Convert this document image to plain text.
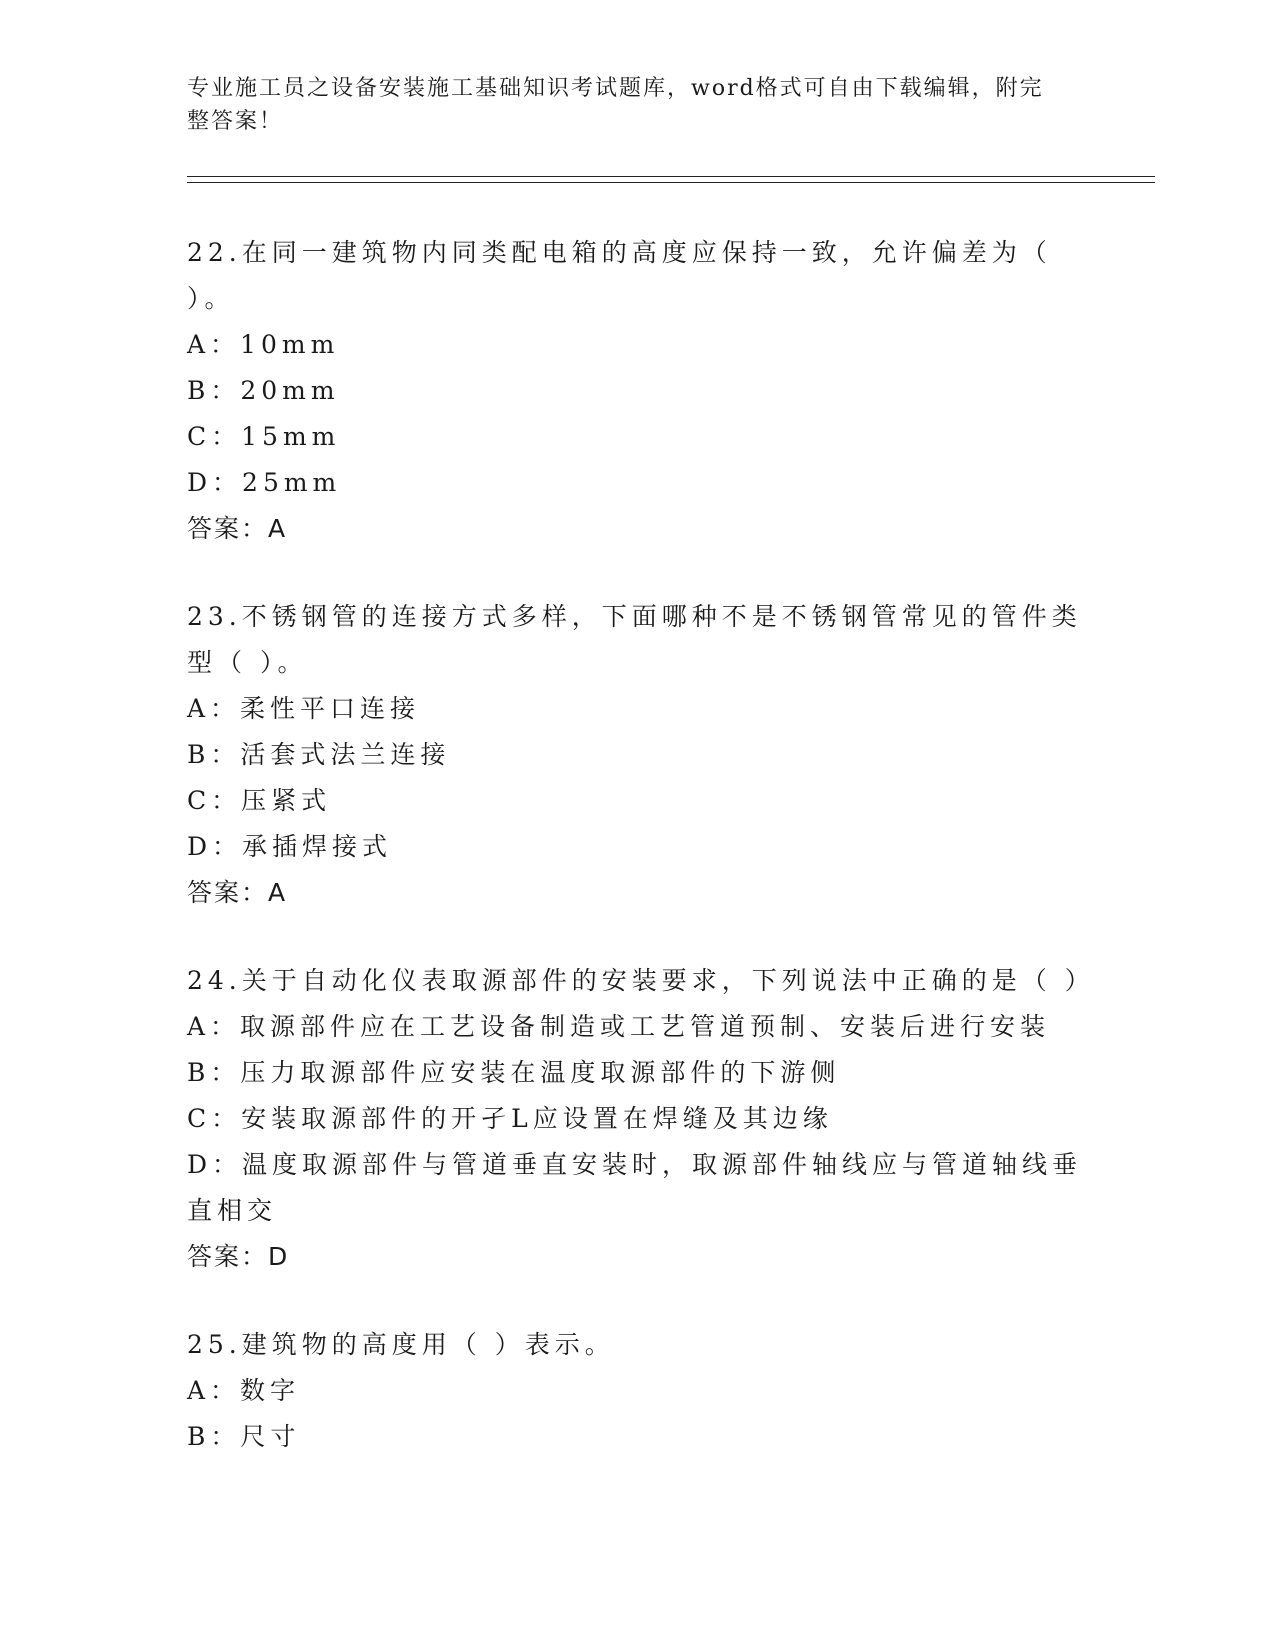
专业施工员之设备安装施工基础知识考试题库，word格式可自由下载编辑，附完整答案！

22.在同一建筑物内同类配电箱的高度应保持一致，允许偏差为（ ）。

A：10mm

B：20mm

C：15mm

D：25mm

答案：A

23.不锈钢管的连接方式多样，下面哪种不是不锈钢管常见的管件类型（ ）。

A：柔性平口连接

B：活套式法兰连接

C：压紧式

D：承插焊接式

答案：A

24.关于自动化仪表取源部件的安装要求，下列说法中正确的是（ ）

A：取源部件应在工艺设备制造或工艺管道预制、安装后进行安装

B：压力取源部件应安装在温度取源部件的下游侧

C：安装取源部件的开孑L应设置在焊缝及其边缘

D：温度取源部件与管道垂直安装时，取源部件轴线应与管道轴线垂直相交

答案：D

25.建筑物的高度用（ ）表示。

A：数字

B：尺寸
